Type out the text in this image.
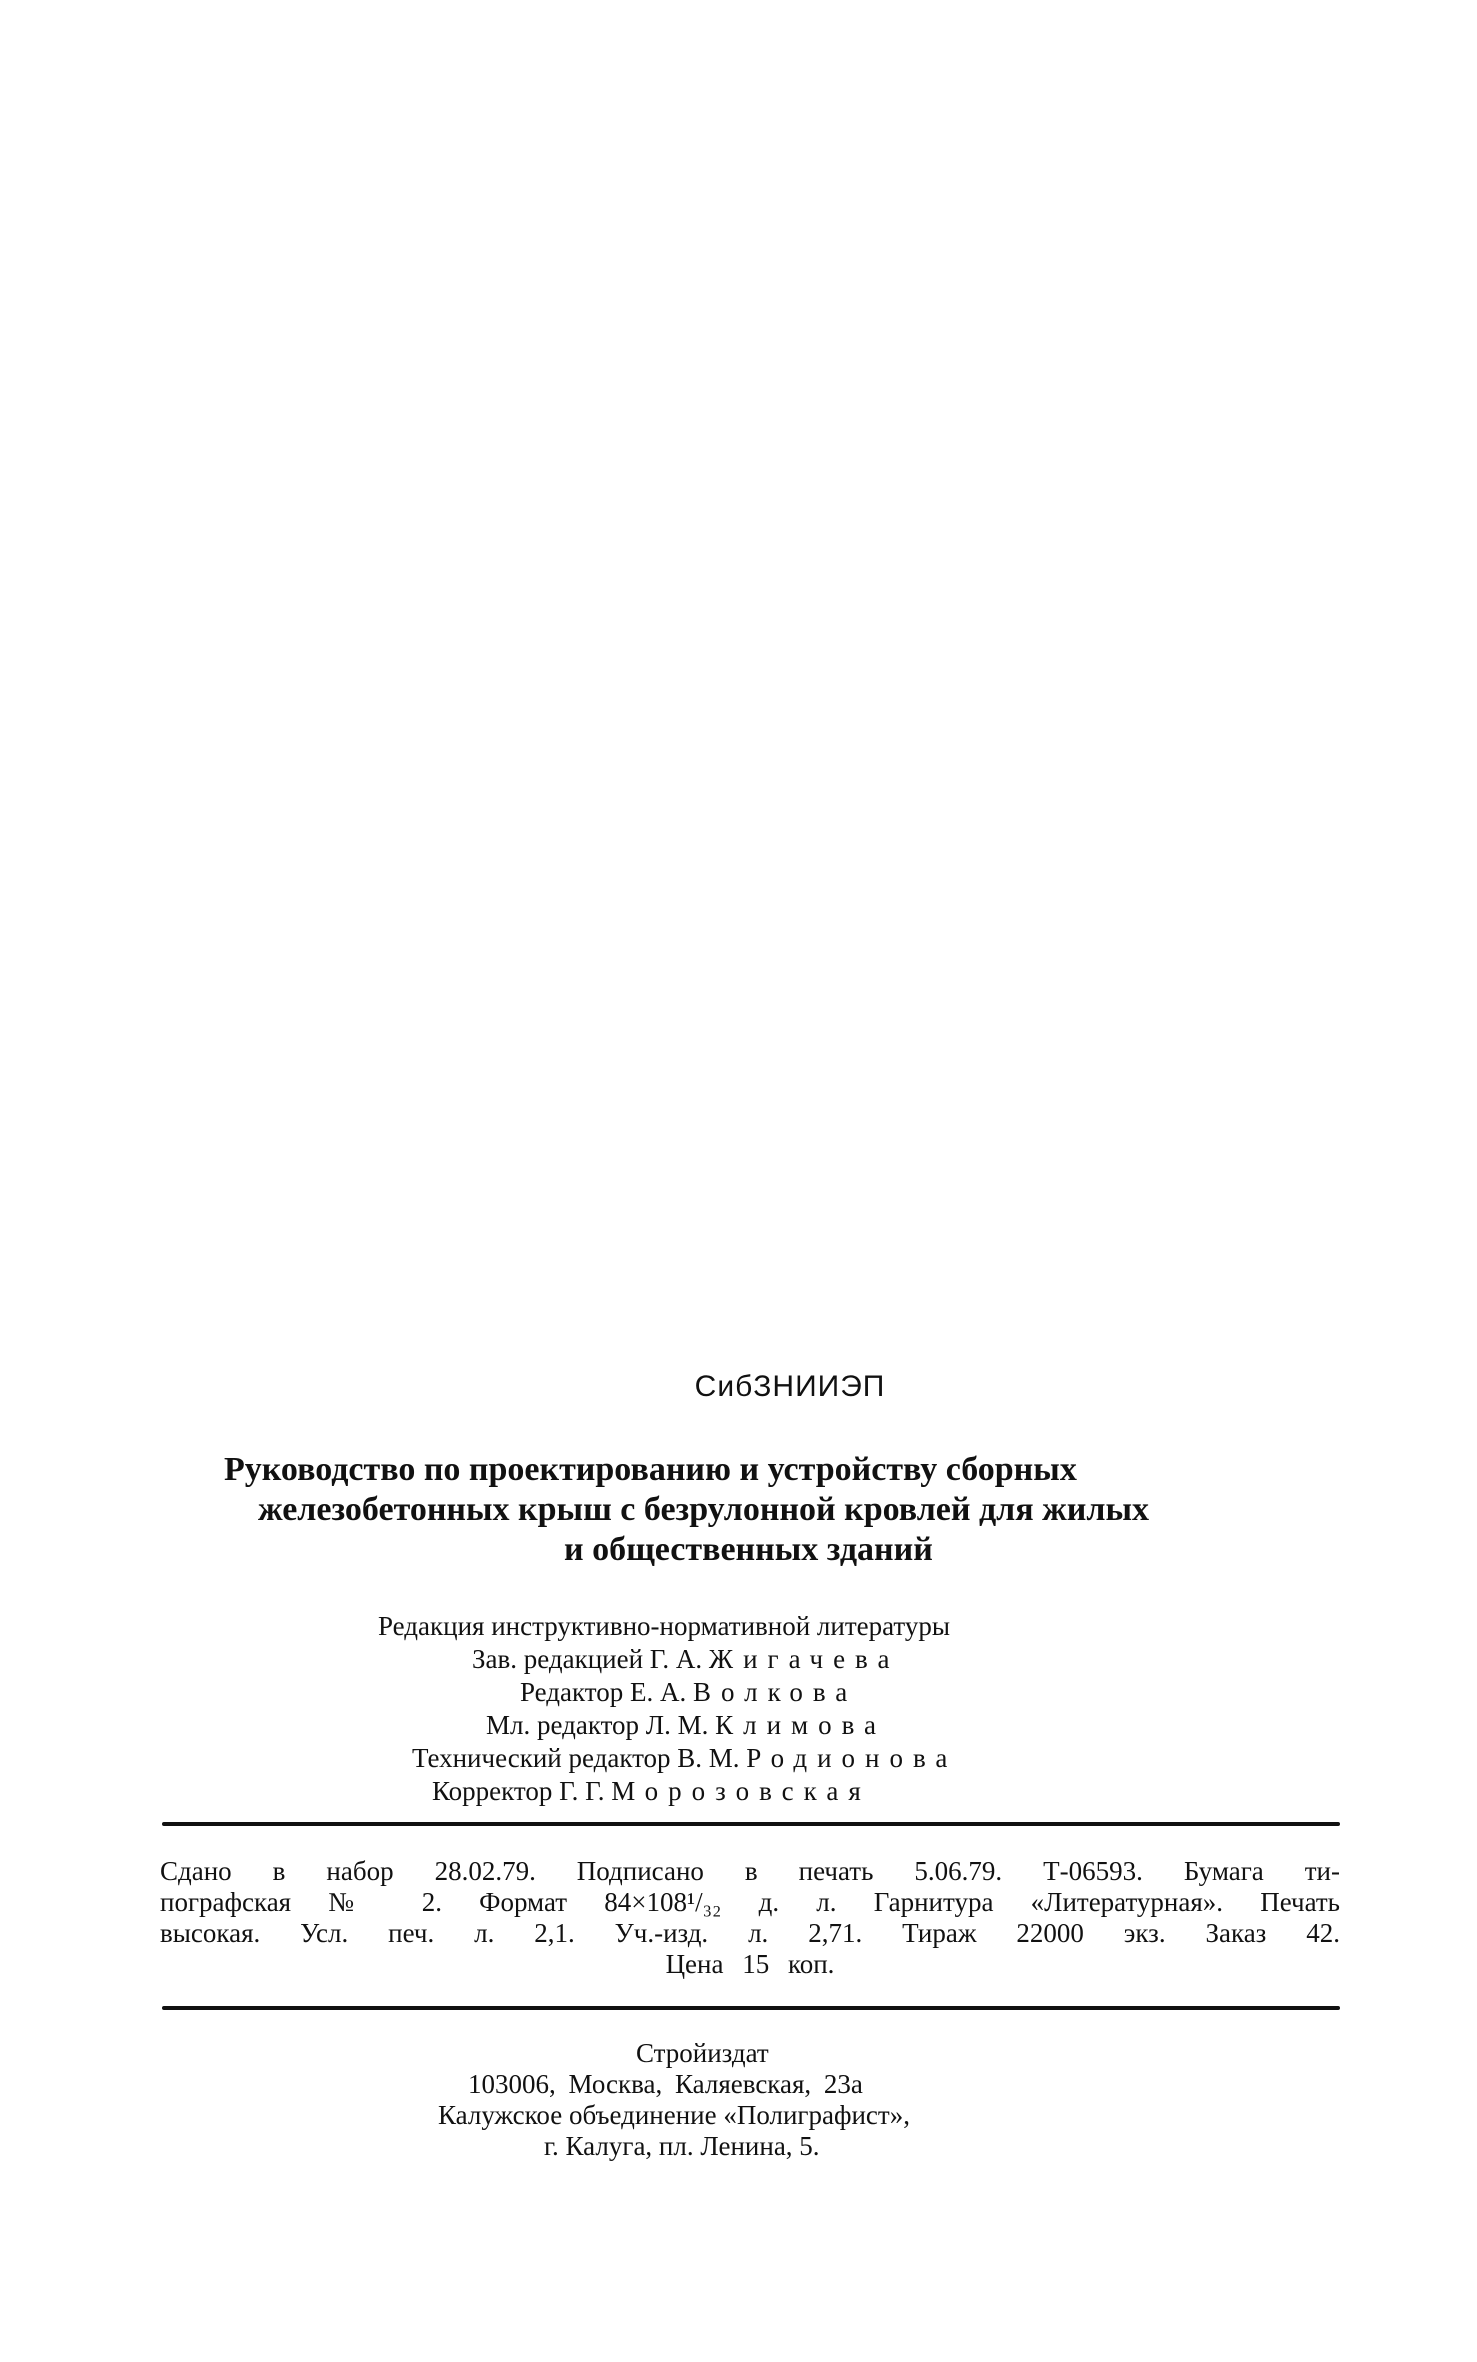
СибЗНИИЭП
Руководство по проектированию и устройству сборных
железобетонных крыш с безрулонной кровлей для жилых
и общественных зданий
Редакция инструктивно-нормативной литературы
Зав. редакцией Г. А. Жигачева
Редактор Е. А. Волкова
Мл. редактор Л. М. Климова
Технический редактор В. М. Родионова
Корректор Г. Г. Морозовская
Сдано в набор 28.02.79. Подписано в печать 5.06.79. Т-06593. Бумага ти-
пографская № 2. Формат 84×108¹/₃₂ д. л. Гарнитура «Литературная». Печать
высокая. Усл. печ. л. 2,1. Уч.-изд. л. 2,71. Тираж 22000 экз. Заказ 42.
Цена 15 коп.
Стройиздат
103006, Москва, Каляевская, 23а
Калужское объединение «Полиграфист»,
г. Калуга, пл. Ленина, 5.
